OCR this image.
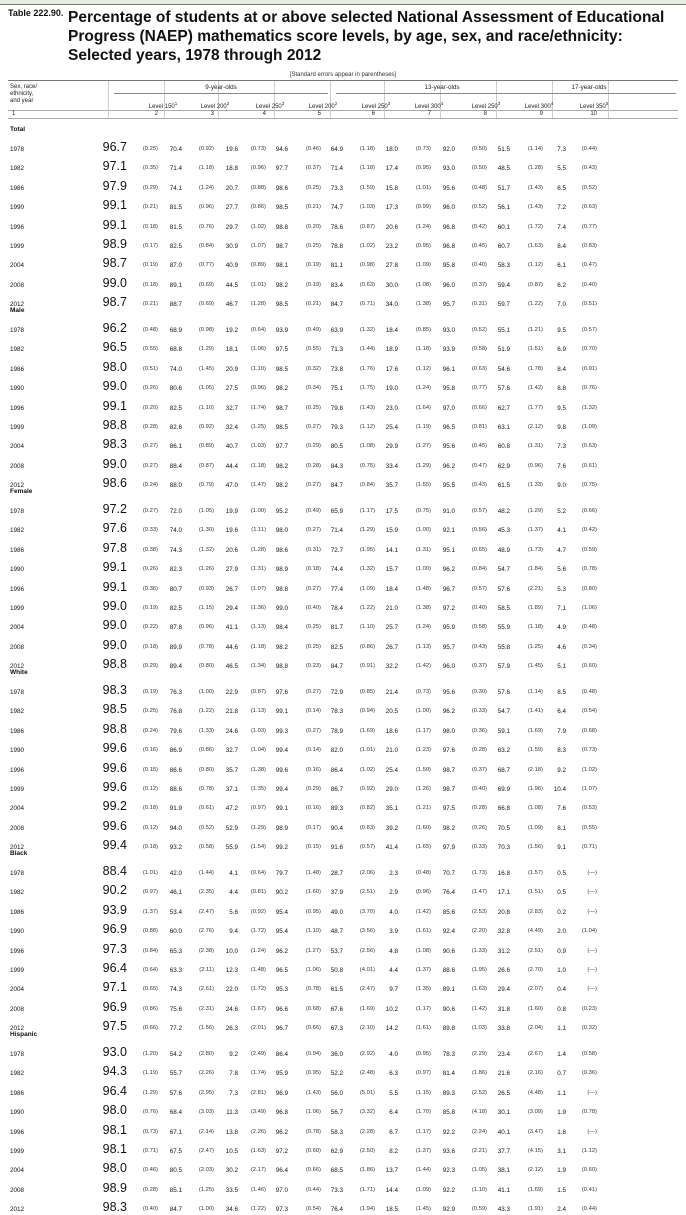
Table 222.90. Percentage of students at or above selected National Assessment of Educational Progress (NAEP) mathematics score levels, by age, sex, and race/ethnicity: Selected years, 1978 through 2012
[Standard errors appear in parentheses]
Sex, race/
ethnicity,
and year
9-year-olds	13-year-olds	17-year-olds
Level $150^1$
Level $200^2$
Level $250^3$
Level $200^2$
Level $250^3$
Level $300^4$
Level $250^3$
Level $300^4$
Level $350^5$
1	2	3	4	5	6	7	8	9	10
Total
1978	96.7	(0.25)	70.4	(0.92)	19.6	(0.73)	94.6	(0.46)	64.9	(1.18)	18.0	(0.73)	92.0	(0.50)	51.5	(1.14)	7.3	(0.44)
1982	97.1	(0.35)	71.4	(1.18)	18.8	(0.96)	97.7	(0.37)	71.4	(1.18)	17.4	(0.95)	93.0	(0.50)	48.5	(1.28)	5.5	(0.43)
1986	97.9	(0.29)	74.1	(1.24)	20.7	(0.88)	98.6	(0.25)	73.3	(1.59)	15.8	(1.01)	95.6	(0.48)	51.7	(1.43)	6.5	(0.52)
1990	99.1	(0.21)	81.5	(0.96)	27.7	(0.86)	98.5	(0.21)	74.7	(1.03)	17.3	(0.99)	96.0	(0.52)	56.1	(1.43)	7.2	(0.63)
1996	99.1	(0.18)	81.5	(0.76)	29.7	(1.02)	98.8	(0.20)	78.6	(0.87)	20.6	(1.24)	96.8	(0.42)	60.1	(1.72)	7.4	(0.77)
1999	98.9	(0.17)	82.5	(0.84)	30.9	(1.07)	98.7	(0.25)	78.8	(1.02)	23.2	(0.95)	96.8	(0.45)	60.7	(1.63)	8.4	(0.83)
2004	98.7	(0.19)	87.0	(0.77)	40.9	(0.89)	98.1	(0.19)	81.1	(0.98)	27.8	(1.09)	95.8	(0.40)	58.3	(1.12)	6.1	(0.47)
2008	99.0	(0.18)	89.1	(0.69)	44.5	(1.01)	98.2	(0.19)	83.4	(0.63)	30.0	(1.08)	96.0	(0.37)	59.4	(0.87)	6.2	(0.40)
2012	98.7	(0.21)	88.7	(0.69)	46.7	(1.28)	98.5	(0.21)	84.7	(0.71)	34.0	(1.38)	95.7	(0.31)	59.7	(1.22)	7.0	(0.51)
Male
1978	96.2	(0.48)	68.9	(0.98)	19.2	(0.64)	93.9	(0.49)	63.9	(1.32)	18.4	(0.85)	93.0	(0.52)	55.1	(1.21)	9.5	(0.57)
1982	96.5	(0.55)	68.8	(1.29)	18.1	(1.06)	97.5	(0.55)	71.3	(1.44)	18.9	(1.18)	93.9	(0.58)	51.9	(1.51)	6.9	(0.70)
1986	98.0	(0.51)	74.0	(1.45)	20.9	(1.10)	98.5	(0.32)	73.8	(1.76)	17.6	(1.12)	96.1	(0.63)	54.6	(1.78)	8.4	(0.91)
1990	99.0	(0.26)	80.6	(1.05)	27.5	(0.96)	98.2	(0.34)	75.1	(1.75)	19.0	(1.24)	95.8	(0.77)	57.6	(1.42)	8.8	(0.76)
1996	99.1	(0.20)	82.5	(1.10)	32.7	(1.74)	98.7	(0.25)	79.8	(1.43)	23.0	(1.64)	97.0	(0.66)	62.7	(1.77)	9.5	(1.32)
1999	98.8	(0.28)	82.6	(0.92)	32.4	(1.25)	98.5	(0.27)	79.3	(1.12)	25.4	(1.19)	96.5	(0.81)	63.1	(2.12)	9.8	(1.09)
2004	98.3	(0.27)	86.1	(0.89)	40.7	(1.03)	97.7	(0.29)	80.5	(1.08)	29.9	(1.27)	95.6	(0.45)	60.8	(1.31)	7.3	(0.63)
2008	99.0	(0.27)	88.4	(0.87)	44.4	(1.18)	98.2	(0.28)	84.3	(0.75)	33.4	(1.29)	96.2	(0.47)	62.9	(0.96)	7.6	(0.61)
2012	98.6	(0.24)	88.0	(0.79)	47.0	(1.47)	98.2	(0.27)	84.7	(0.84)	35.7	(1.55)	95.5	(0.43)	61.5	(1.33)	9.0	(0.75)
Female
1978	97.2	(0.27)	72.0	(1.05)	19.9	(1.00)	95.2	(0.49)	65.9	(1.17)	17.5	(0.75)	91.0	(0.57)	48.2	(1.29)	5.2	(0.66)
1982	97.6	(0.33)	74.0	(1.30)	19.6	(1.11)	98.0	(0.27)	71.4	(1.29)	15.9	(1.00)	92.1	(0.56)	45.3	(1.37)	4.1	(0.42)
1986	97.8	(0.38)	74.3	(1.32)	20.6	(1.28)	98.6	(0.31)	72.7	(1.95)	14.1	(1.31)	95.1	(0.65)	48.9	(1.73)	4.7	(0.59)
1990	99.1	(0.26)	82.3	(1.26)	27.9	(1.31)	98.9	(0.18)	74.4	(1.32)	15.7	(1.00)	96.2	(0.84)	54.7	(1.84)	5.6	(0.78)
1996	99.1	(0.36)	80.7	(0.93)	26.7	(1.07)	98.8	(0.27)	77.4	(1.09)	18.4	(1.48)	96.7	(0.57)	57.6	(2.21)	5.3	(0.80)
1999	99.0	(0.19)	82.5	(1.15)	29.4	(1.36)	99.0	(0.40)	78.4	(1.22)	21.0	(1.38)	97.2	(0.40)	58.5	(1.89)	7.1	(1.06)
2004	99.0	(0.22)	87.8	(0.96)	41.1	(1.13)	98.4	(0.25)	81.7	(1.10)	25.7	(1.24)	95.9	(0.58)	55.9	(1.18)	4.9	(0.48)
2008	99.0	(0.18)	89.9	(0.78)	44.6	(1.18)	98.2	(0.25)	82.5	(0.86)	26.7	(1.13)	95.7	(0.43)	55.8	(1.25)	4.6	(0.34)
2012	98.8	(0.29)	89.4	(0.80)	46.5	(1.34)	98.8	(0.23)	84.7	(0.91)	32.2	(1.42)	96.0	(0.37)	57.9	(1.45)	5.1	(0.60)
White
1978	98.3	(0.19)	76.3	(1.00)	22.9	(0.87)	97.6	(0.27)	72.9	(0.85)	21.4	(0.73)	95.6	(0.30)	57.6	(1.14)	8.5	(0.48)
1982	98.5	(0.25)	76.8	(1.22)	21.8	(1.13)	99.1	(0.14)	78.3	(0.94)	20.5	(1.00)	96.2	(0.33)	54.7	(1.41)	6.4	(0.54)
1986	98.8	(0.24)	79.6	(1.33)	24.6	(1.03)	99.3	(0.27)	78.9	(1.69)	18.6	(1.17)	98.0	(0.36)	59.1	(1.69)	7.9	(0.68)
1990	99.6	(0.16)	86.9	(0.86)	32.7	(1.04)	99.4	(0.14)	82.0	(1.01)	21.0	(1.23)	97.6	(0.28)	63.2	(1.59)	8.3	(0.73)
1996	99.6	(0.15)	86.6	(0.80)	35.7	(1.38)	99.6	(0.16)	86.4	(1.02)	25.4	(1.50)	98.7	(0.37)	68.7	(2.18)	9.2	(1.02)
1999	99.6	(0.12)	88.6	(0.78)	37.1	(1.35)	99.4	(0.29)	86.7	(0.92)	29.0	(1.26)	98.7	(0.40)	69.9	(1.96)	10.4	(1.07)
2004	99.2	(0.18)	91.9	(0.61)	47.2	(0.97)	99.1	(0.16)	89.3	(0.82)	35.1	(1.21)	97.5	(0.28)	66.8	(1.08)	7.6	(0.53)
2008	99.6	(0.12)	94.0	(0.52)	52.9	(1.29)	98.9	(0.17)	90.4	(0.83)	39.2	(1.60)	98.2	(0.26)	70.5	(1.09)	8.1	(0.55)
2012	99.4	(0.18)	93.2	(0.58)	55.9	(1.54)	99.2	(0.15)	91.6	(0.57)	41.4	(1.65)	97.9	(0.33)	70.3	(1.56)	9.1	(0.71)
Black
1978	88.4	(1.01)	42.0	(1.44)	4.1	(0.64)	79.7	(1.48)	28.7	(2.06)	2.3	(0.48)	70.7	(1.73)	16.8	(1.57)	0.5	(—)
1982	90.2	(0.97)	46.1	(2.35)	4.4	(0.81)	90.2	(1.60)	37.9	(2.51)	2.9	(0.96)	76.4	(1.47)	17.1	(1.51)	0.5	(—)
1986	93.9	(1.37)	53.4	(2.47)	5.6	(0.92)	95.4	(0.95)	49.0	(3.70)	4.0	(1.42)	85.6	(2.53)	20.8	(2.83)	0.2	(—)
1990	96.9	(0.88)	60.0	(2.76)	9.4	(1.72)	95.4	(1.10)	48.7	(3.56)	3.9	(1.61)	92.4	(2.20)	32.8	(4.49)	2.0	(1.04)
1996	97.3	(0.84)	65.3	(2.38)	10.0	(1.24)	96.2	(1.27)	53.7	(2.56)	4.8	(1.08)	90.6	(1.33)	31.2	(2.51)	0.9	(—)
1999	96.4	(0.64)	63.3	(2.11)	12.3	(1.48)	96.5	(1.06)	50.8	(4.01)	4.4	(1.37)	88.6	(1.95)	26.6	(2.70)	1.0	(—)
2004	97.1	(0.65)	74.3	(2.61)	22.0	(1.72)	95.3	(0.78)	61.5	(2.47)	9.7	(1.35)	89.1	(1.63)	29.4	(2.07)	0.4	(—)
2008	96.9	(0.86)	75.6	(2.31)	24.6	(1.67)	96.6	(0.68)	67.6	(1.69)	10.2	(1.17)	90.6	(1.42)	31.8	(1.60)	0.8	(0.23)
2012	97.5	(0.66)	77.2	(1.56)	26.3	(2.01)	96.7	(0.66)	67.3	(2.10)	14.2	(1.61)	89.8	(1.03)	33.8	(2.04)	1.1	(0.32)
Hispanic
1978	93.0	(1.20)	54.2	(2.80)	9.2	(2.49)	86.4	(0.94)	36.0	(2.92)	4.0	(0.95)	78.3	(2.29)	23.4	(2.67)	1.4	(0.58)
1982	94.3	(1.19)	55.7	(2.26)	7.8	(1.74)	95.9	(0.95)	52.2	(2.48)	6.3	(0.97)	81.4	(1.86)	21.6	(2.16)	0.7	(0.36)
1986	96.4	(1.29)	57.6	(2.95)	7.3	(2.81)	96.9	(1.43)	56.0	(5.01)	5.5	(1.15)	89.3	(2.52)	26.5	(4.48)	1.1	(—)
1990	98.0	(0.76)	68.4	(3.03)	11.3	(3.49)	96.8	(1.06)	56.7	(3.32)	6.4	(1.70)	85.8	(4.18)	30.1	(3.09)	1.9	(0.78)
1996	98.1	(0.73)	67.1	(2.14)	13.8	(2.26)	96.2	(0.78)	58.3	(2.28)	6.7	(1.17)	92.2	(2.24)	40.1	(3.47)	1.8	(—)
1999	98.1	(0.71)	67.5	(2.47)	10.5	(1.63)	97.2	(0.60)	62.9	(2.50)	8.2	(1.37)	93.6	(2.21)	37.7	(4.15)	3.1	(1.12)
2004	98.0	(0.46)	80.5	(2.03)	30.2	(2.17)	96.4	(0.66)	68.5	(1.86)	13.7	(1.44)	92.3	(1.05)	38.1	(2.12)	1.9	(0.60)
2008	98.9	(0.28)	85.1	(1.25)	33.5	(1.46)	97.0	(0.44)	73.3	(1.71)	14.4	(1.09)	92.2	(1.10)	41.1	(1.69)	1.5	(0.41)
2012	98.3	(0.40)	84.7	(1.00)	34.6	(1.22)	97.3	(0.54)	76.4	(1.94)	18.5	(1.45)	92.9	(0.59)	43.3	(1.91)	2.4	(0.44)
